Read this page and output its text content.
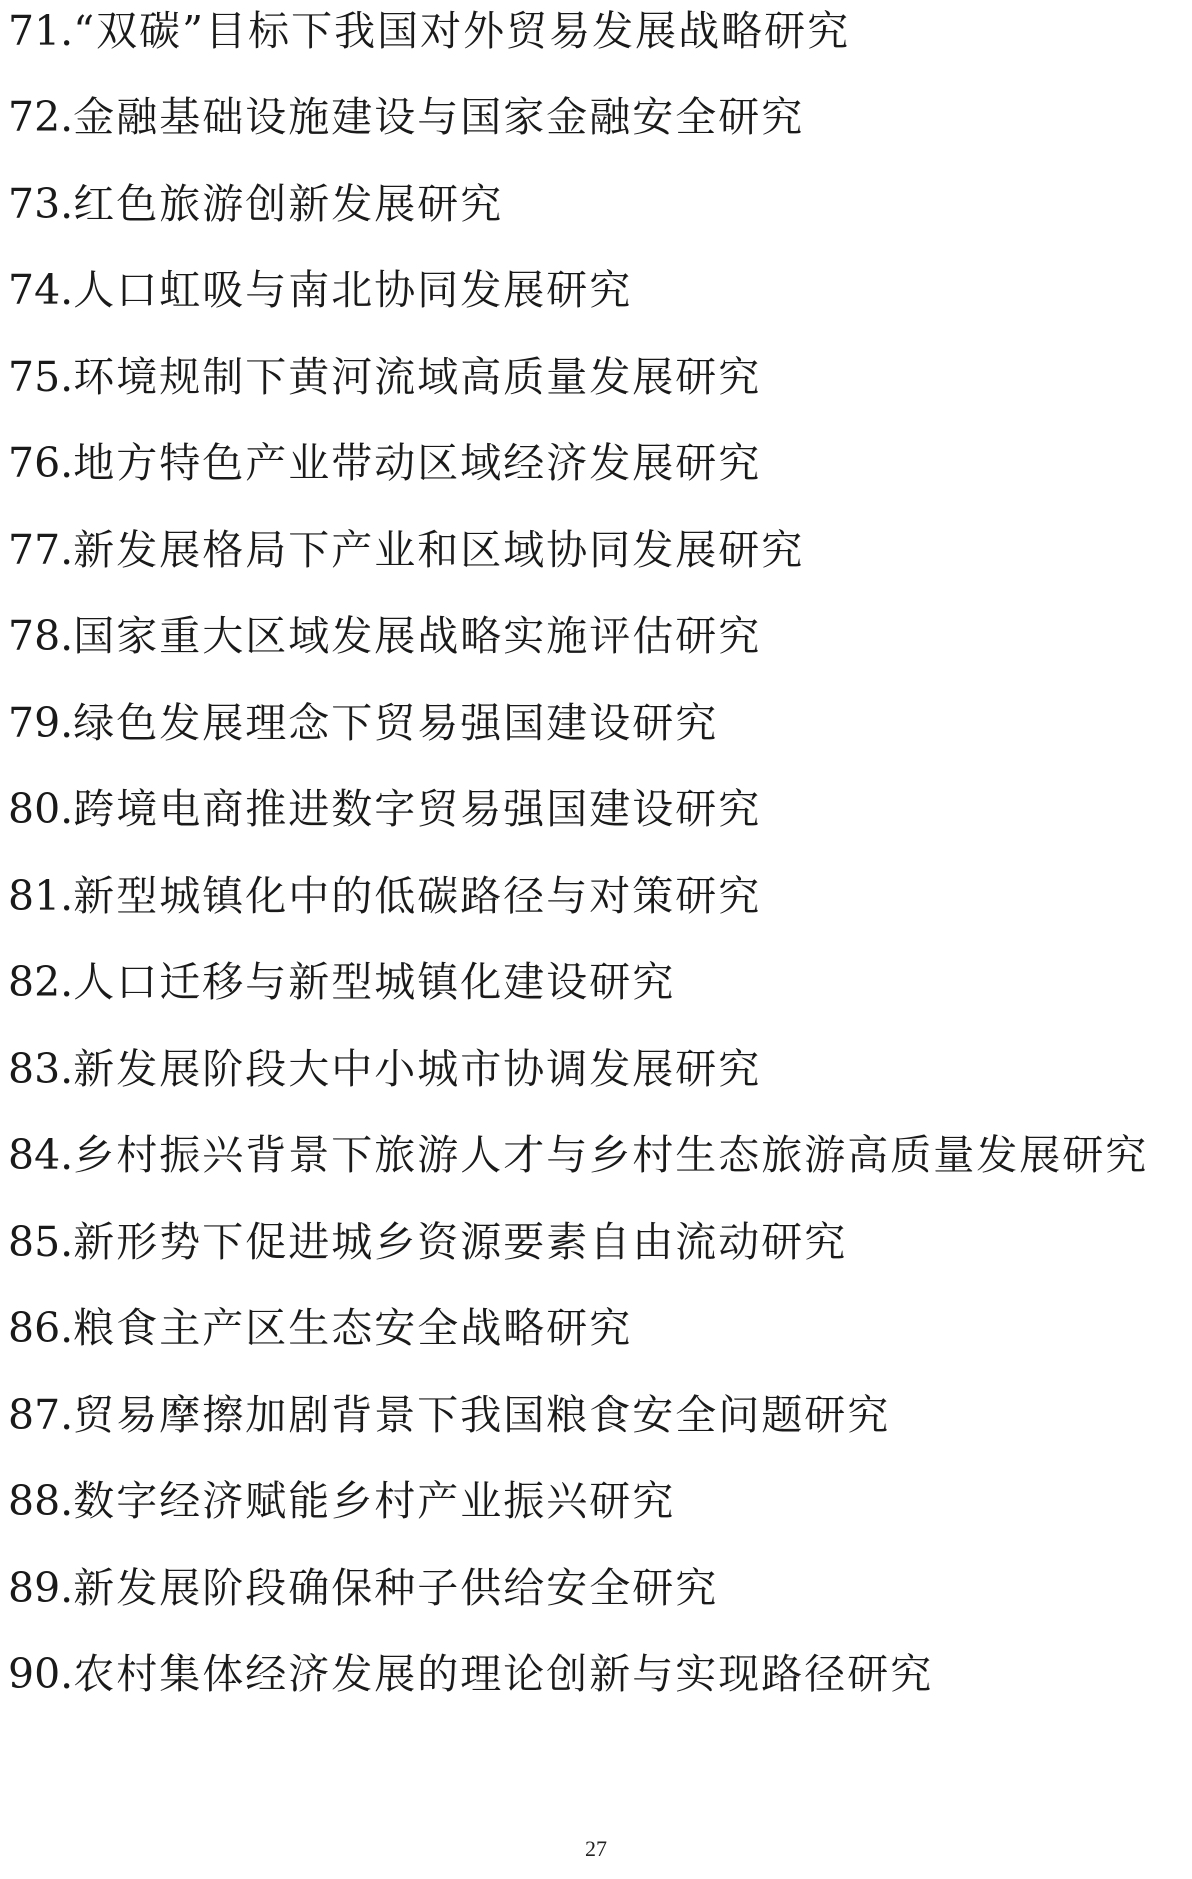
71. “双碳”目标下我国对外贸易发展战略研究
72. 金融基础设施建设与国家金融安全研究
73. 红色旅游创新发展研究
74. 人口虹吸与南北协同发展研究
75. 环境规制下黄河流域高质量发展研究
76. 地方特色产业带动区域经济发展研究
77. 新发展格局下产业和区域协同发展研究
78. 国家重大区域发展战略实施评估研究
79. 绿色发展理念下贸易强国建设研究
80. 跨境电商推进数字贸易强国建设研究
81. 新型城镇化中的低碳路径与对策研究
82. 人口迁移与新型城镇化建设研究
83. 新发展阶段大中小城市协调发展研究
84. 乡村振兴背景下旅游人才与乡村生态旅游高质量发展研究
85. 新形势下促进城乡资源要素自由流动研究
86. 粮食主产区生态安全战略研究
87. 贸易摩擦加剧背景下我国粮食安全问题研究
88. 数字经济赋能乡村产业振兴研究
89. 新发展阶段确保种子供给安全研究
90. 农村集体经济发展的理论创新与实现路径研究
27
